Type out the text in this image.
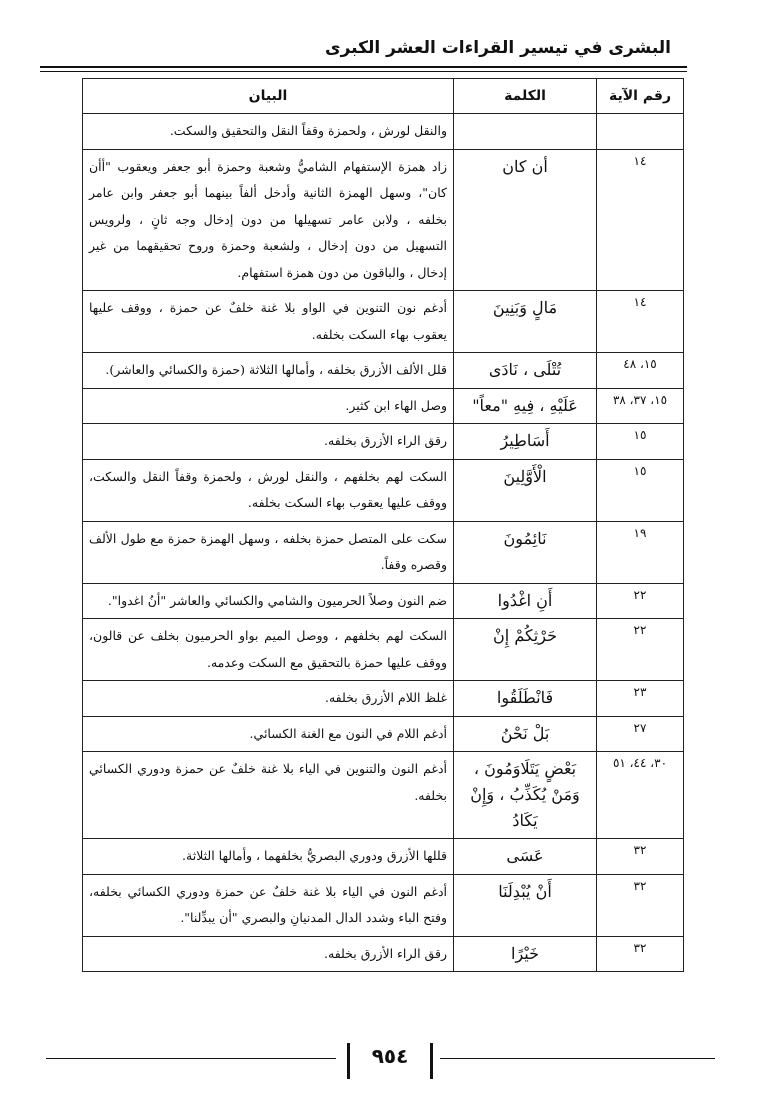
البشرى في تيسير القراءات العشر الكبرى
رقم الآية	الكلمة	البيان
		والنقل لورش ، ولحمزة وقفاً النقل والتحقيق والسكت.
١٤	أن كان	زاد همزة الإستفهام الشاميُّ وشعبة وحمزة أبو جعفر ويعقوب "أأن كان"، وسهل الهمزة الثانية وأدخل ألفاً بينهما أبو جعفر وابن عامر بخلفه ، ولابن عامر تسهيلها من دون إدخال وجه ثانٍ ، ولرويس التسهيل من دون إدخال ، ولشعبة وحمزة وروح تحقيقهما من غير إدخال ، والباقون من دون همزة استفهام.
١٤	مَالٍ وَبَنِينَ	أدغم نون التنوين في الواو بلا غنة خلفٌ عن حمزة ، ووقف عليها يعقوب بهاء السكت بخلفه.
١٥، ٤٨	تُتْلَى ، نَادَى	قلل الألف الأزرق بخلفه ، وأمالها الثلاثة (حمزة والكسائي والعاشر).
١٥، ٣٧، ٣٨	عَلَيْهِ ، فِيهِ "معاً"	وصل الهاء ابن كثير.
١٥	أَسَاطِيرُ	رقق الراء الأزرق بخلفه.
١٥	الْأَوَّلِينَ	السكت لهم بخلفهم ، والنقل لورش ، ولحمزة وقفاً النقل والسكت، ووقف عليها يعقوب بهاء السكت بخلفه.
١٩	نَائِمُونَ	سكت على المتصل حمزة بخلفه ، وسهل الهمزة حمزة مع طول الألف وقصره وقفاً.
٢٢	أَنِ اغْدُوا	ضم النون وصلاً الحرميون والشامي والكسائي والعاشر "أنُ اغدوا".
٢٢	حَرْثِكُمْ إِنْ	السكت لهم بخلفهم ، ووصل الميم بواو الحرميون بخلف عن قالون، ووقف عليها حمزة بالتحقيق مع السكت وعدمه.
٢٣	فَانْطَلَقُوا	غلظ اللام الأزرق بخلفه.
٢٧	بَلْ نَحْنُ	أدغم اللام في النون مع الغنة الكسائي.
٣٠، ٤٤، ٥١	بَعْضٍ يَتَلَاوَمُونَ ، وَمَنْ يُكَذِّبُ ، وَإِنْ يَكَادُ	أدغم النون والتنوين في الياء بلا غنة خلفٌ عن حمزة ودوري الكسائي بخلفه.
٣٢	عَسَى	قللها الأزرق ودوري البصريُّ بخلفهما ، وأمالها الثلاثة.
٣٢	أَنْ يُبْدِلَنَا	أدغم النون في الياء بلا غنة خلفٌ عن حمزة ودوري الكسائي بخلفه، وفتح الباء وشدد الدال المدنيانِ والبصري "أن يبدِّلنا".
٣٢	خَيْرًا	رقق الراء الأزرق بخلفه.
٩٥٤
